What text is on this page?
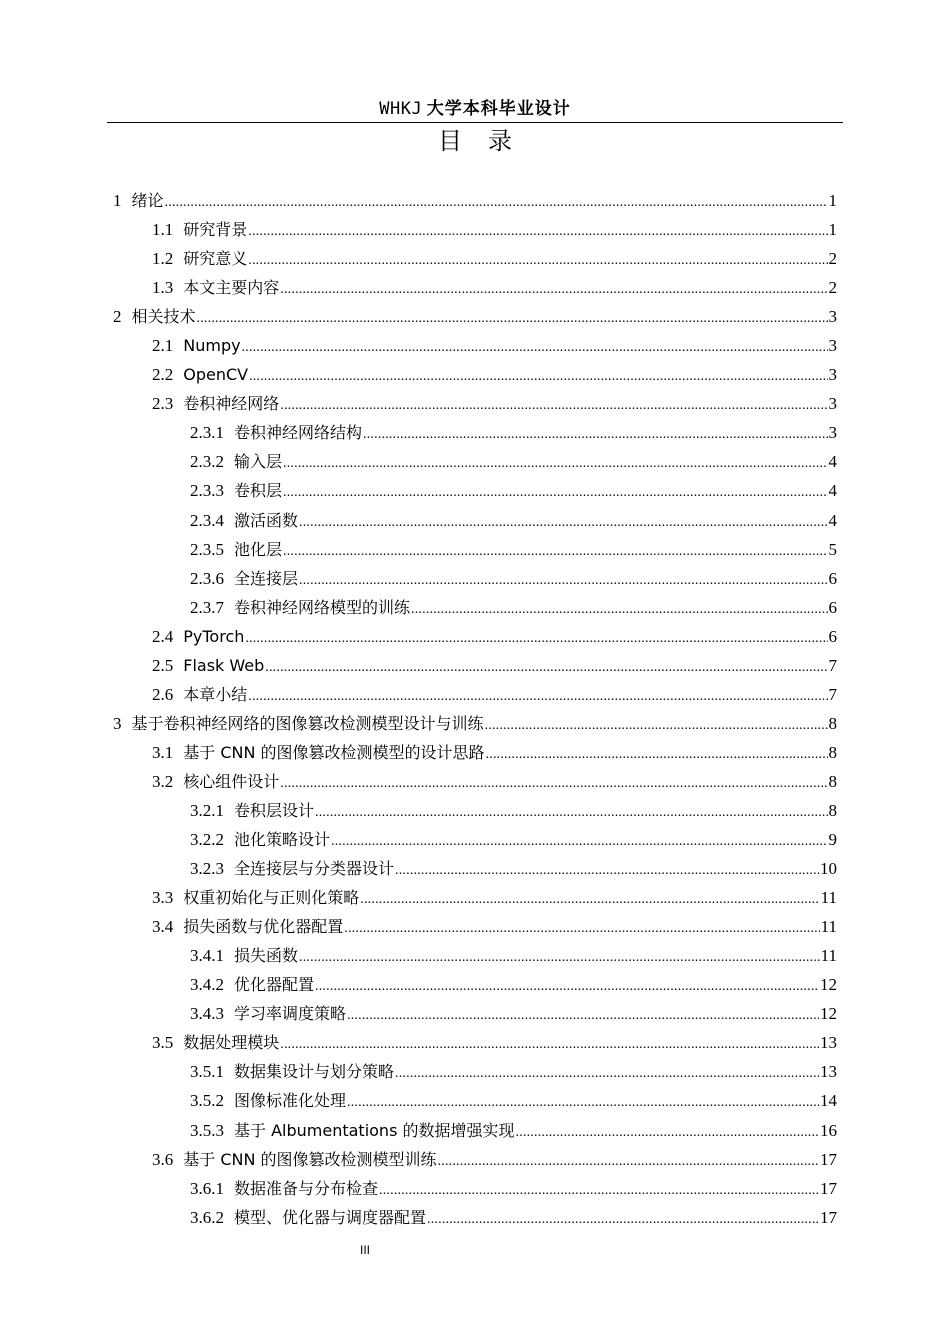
WHKJ 大学本科毕业设计
目录
1 绪论 .....	1
1.1 研究背景 .....	1
1.2 研究意义 .....	2
1.3 本文主要内容 .....	2
2 相关技术 .....	3
2.1 Numpy .....	3
2.2 OpenCV .....	3
2.3 卷积神经网络 .....	3
2.3.1 卷积神经网络结构 .....	3
2.3.2 输入层 .....	4
2.3.3 卷积层 .....	4
2.3.4 激活函数 .....	4
2.3.5 池化层 .....	5
2.3.6 全连接层 .....	6
2.3.7 卷积神经网络模型的训练 .....	6
2.4 PyTorch .....	6
2.5 Flask Web .....	7
2.6 本章小结 .....	7
3 基于卷积神经网络的图像篡改检测模型设计与训练 .....	8
3.1 基于 CNN 的图像篡改检测模型的设计思路 .....	8
3.2 核心组件设计 .....	8
3.2.1 卷积层设计 .....	8
3.2.2 池化策略设计 .....	9
3.2.3 全连接层与分类器设计 .....	10
3.3 权重初始化与正则化策略 .....	11
3.4 损失函数与优化器配置 .....	11
3.4.1 损失函数 .....	11
3.4.2 优化器配置 .....	12
3.4.3 学习率调度策略 .....	12
3.5 数据处理模块 .....	13
3.5.1 数据集设计与划分策略 .....	13
3.5.2 图像标准化处理 .....	14
3.5.3 基于 Albumentations 的数据增强实现 .....	16
3.6 基于 CNN 的图像篡改检测模型训练 .....	17
3.6.1 数据准备与分布检查 .....	17
3.6.2 模型、优化器与调度器配置 .....	17
III
